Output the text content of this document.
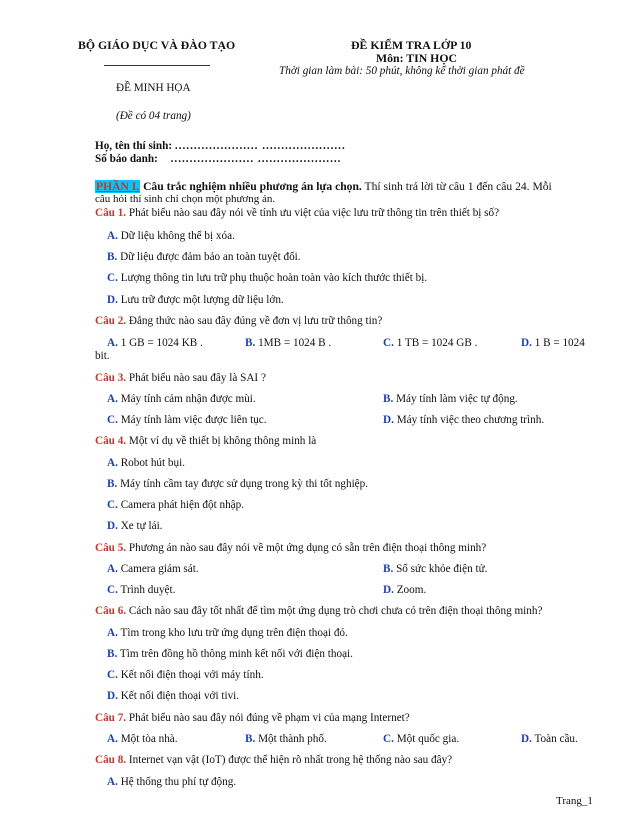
BỘ GIÁO DỤC VÀ ĐÀO TẠO	ĐỀ KIỂM TRA LỚP 10
Môn: TIN HỌC
Thời gian làm bài: 50 phút, không kể thời gian phát đề
ĐỀ MINH HỌA
(Đề có 04 trang)
Họ, tên thí sinh: ...................... ......................
Số báo danh: ...................... ......................
PHẦN I. Câu trắc nghiệm nhiều phương án lựa chọn. Thí sinh trả lời từ câu 1 đến câu 24. Mỗi
câu hỏi thí sinh chỉ chọn một phương án.
Câu 1. Phát biểu nào sau đây nói về tính ưu việt của việc lưu trữ thông tin trên thiết bị số?
A. Dữ liệu không thể bị xóa.
B. Dữ liệu được đảm bảo an toàn tuyệt đối.
C. Lượng thông tin lưu trữ phụ thuộc hoàn toàn vào kích thước thiết bị.
D. Lưu trữ được một lượng dữ liệu lớn.
Câu 2. Đẳng thức nào sau đây đúng về đơn vị lưu trữ thông tin?
A. 1 GB = 1024 KB .	B. 1MB = 1024 B .	C. 1 TB = 1024 GB .	D. 1 B = 1024
bit.
Câu 3. Phát biểu nào sau đây là SAI ?
A. Máy tính cảm nhận được mùi.	B. Máy tính làm việc tự động.
C. Máy tính làm việc được liên tục.	D. Máy tính việc theo chương trình.
Câu 4. Một ví dụ về thiết bị không thông minh là
A. Robot hút bụi.
B. Máy tính cầm tay được sử dụng trong kỳ thi tốt nghiệp.
C. Camera phát hiện đột nhập.
D. Xe tự lái.
Câu 5. Phương án nào sau đây nói về một ứng dụng có sẵn trên điện thoại thông minh?
A. Camera giám sát.	B. Sổ sức khỏe điện tử.
C. Trình duyệt.	D. Zoom.
Câu 6. Cách nào sau đây tốt nhất để tìm một ứng dụng trò chơi chưa có trên điện thoại thông minh?
A. Tìm trong kho lưu trữ ứng dụng trên điện thoại đó.
B. Tìm trên đồng hồ thông minh kết nối với điện thoại.
C. Kết nối điện thoại với máy tính.
D. Kết nối điện thoại với tivi.
Câu 7. Phát biểu nào sau đây nói đúng về phạm vi của mạng Internet?
A. Một tòa nhà.	B. Một thành phố.	C. Một quốc gia.	D. Toàn cầu.
Câu 8. Internet vạn vật (IoT) được thể hiện rõ nhất trong hệ thống nào sau đây?
A. Hệ thống thu phí tự động.
Trang_1
